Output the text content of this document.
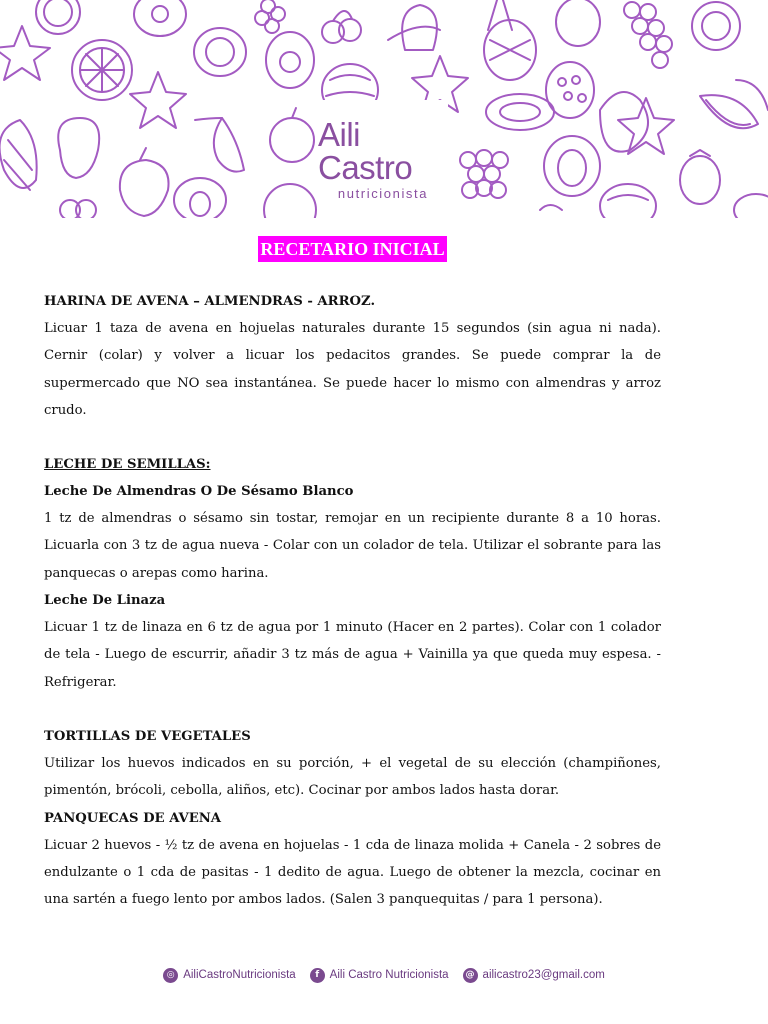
Aili Castro
nutricionista
RECETARIO INICIAL
HARINA DE AVENA – ALMENDRAS - ARROZ.
Licuar 1 taza de avena en hojuelas naturales durante 15 segundos (sin agua ni nada). Cernir (colar) y volver a licuar los pedacitos grandes. Se puede comprar la de supermercado que NO sea instantánea. Se puede hacer lo mismo con almendras y arroz crudo.
LECHE DE SEMILLAS:
Leche De Almendras O De Sésamo Blanco
1 tz de almendras o sésamo sin tostar, remojar en un recipiente durante 8 a 10 horas. Licuarla con 3 tz de agua nueva - Colar con un colador de tela. Utilizar el sobrante para las panquecas o arepas como harina.
Leche De Linaza
Licuar 1 tz de linaza en 6 tz de agua por 1 minuto (Hacer en 2 partes). Colar con 1 colador de tela - Luego de escurrir, añadir 3 tz más de agua + Vainilla ya que queda muy espesa. - Refrigerar.
TORTILLAS DE VEGETALES
Utilizar los huevos indicados en su porción, + el vegetal de su elección (champiñones, pimentón, brócoli, cebolla, aliños, etc). Cocinar por ambos lados hasta dorar.
PANQUECAS DE AVENA
Licuar 2 huevos - ½ tz de avena en hojuelas - 1 cda de linaza molida + Canela - 2 sobres de endulzante o 1 cda de pasitas - 1 dedito de agua. Luego de obtener la mezcla, cocinar en una sartén a fuego lento por ambos lados. (Salen 3 panquequitas / para 1 persona).
◎ AiliCastroNutricionista	f Aili Castro Nutricionista	@ ailicastro23@gmail.com
